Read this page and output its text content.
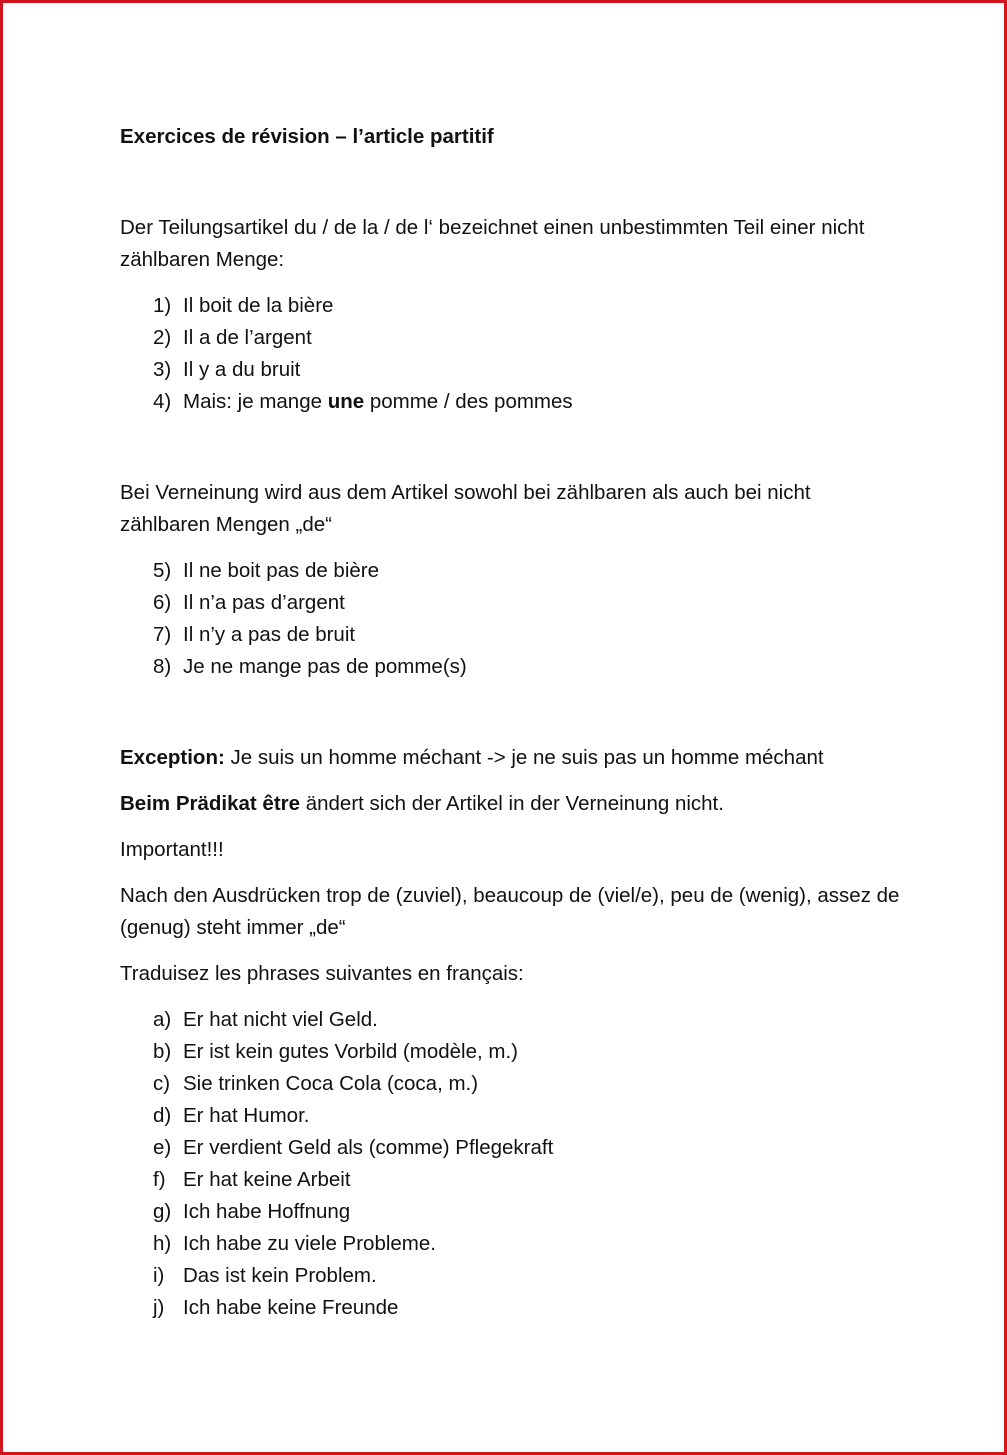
Exercices de révision – l’article partitif

Der Teilungsartikel du / de la / de l‘ bezeichnet einen unbestimmten Teil einer nicht zählbaren Menge:

1) Il boit de la bière
2) Il a de l’argent
3) Il y a du bruit
4) Mais: je mange une pomme / des pommes

Bei Verneinung wird aus dem Artikel sowohl bei zählbaren als auch bei nicht zählbaren Mengen „de“

5) Il ne boit pas de bière
6) Il n’a pas d’argent
7) Il n’y a pas de bruit
8) Je ne mange pas de pomme(s)

Exception: Je suis un homme méchant -> je ne suis pas un homme méchant

Beim Prädikat être ändert sich der Artikel in der Verneinung nicht.

Important!!!

Nach den Ausdrücken trop de (zuviel), beaucoup de (viel/e), peu de (wenig), assez de (genug) steht immer „de“

Traduisez les phrases suivantes en français:

a) Er hat nicht viel Geld.
b) Er ist kein gutes Vorbild (modèle, m.)
c) Sie trinken Coca Cola (coca, m.)
d) Er hat Humor.
e) Er verdient Geld als (comme) Pflegekraft
f) Er hat keine Arbeit
g) Ich habe Hoffnung
h) Ich habe zu viele Probleme.
i) Das ist kein Problem.
j) Ich habe keine Freunde
